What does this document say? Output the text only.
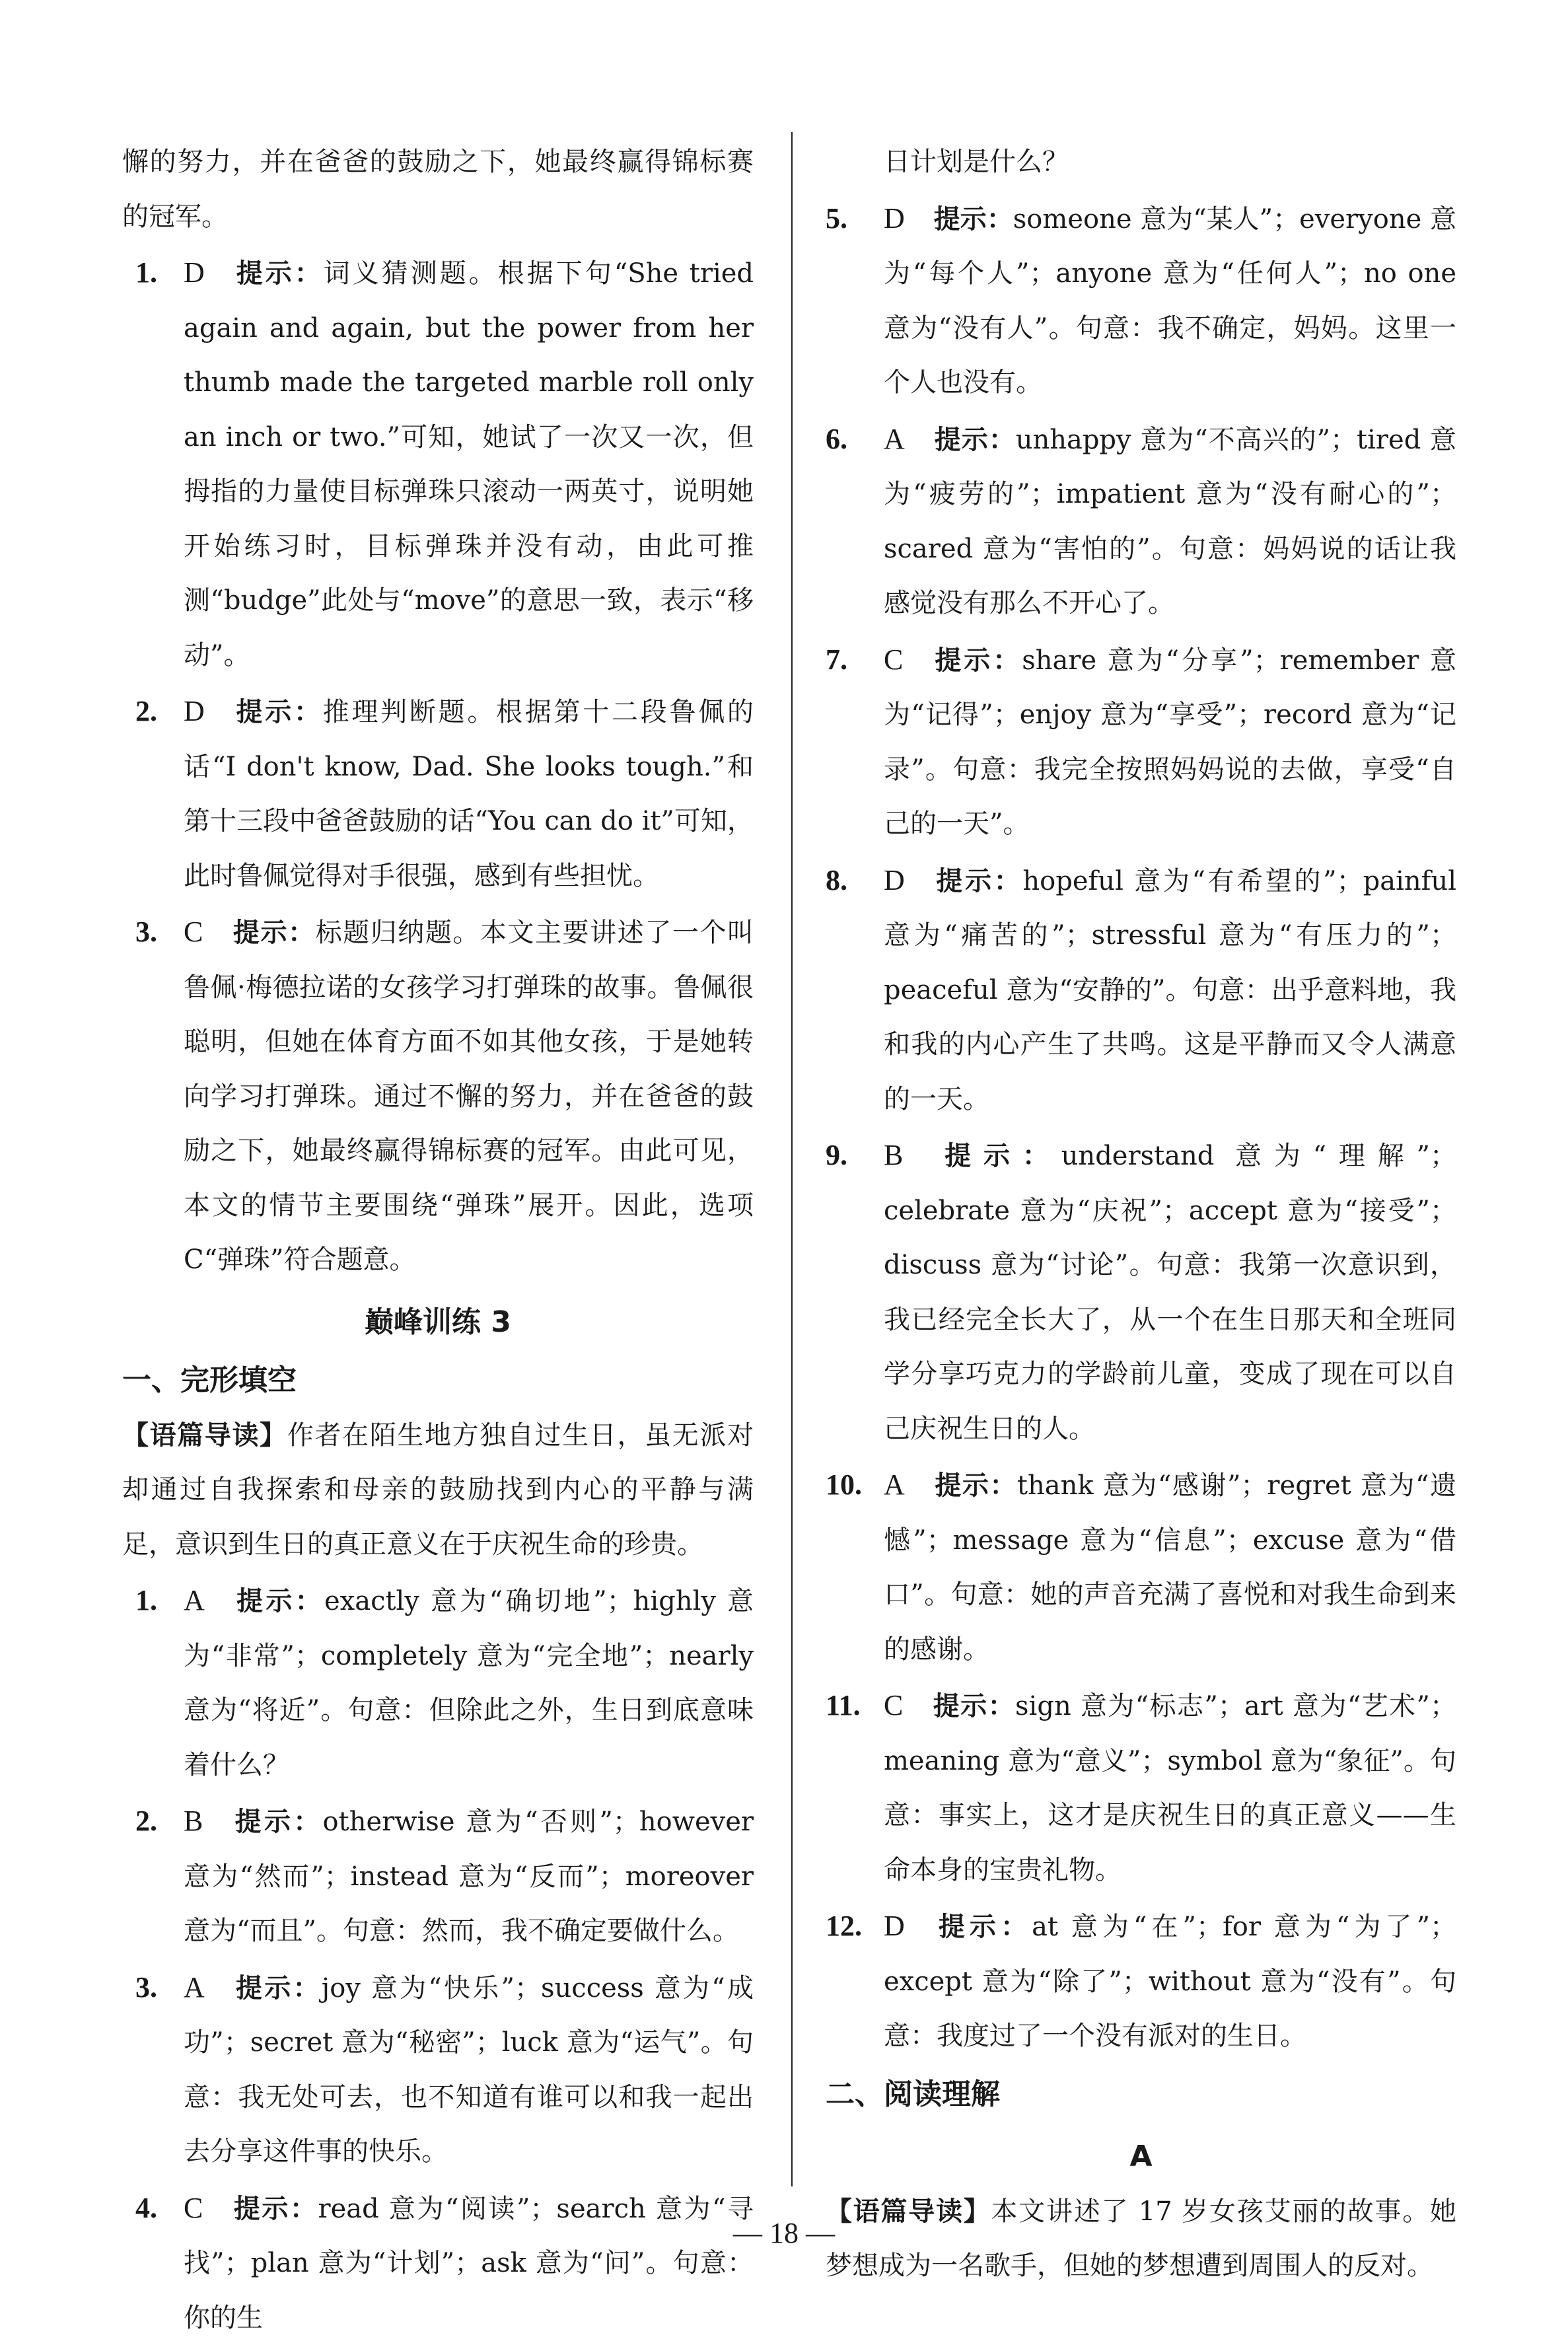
懈的努力，并在爸爸的鼓励之下，她最终赢得锦标赛的冠军。

1. D 提示：词义猜测题。根据下句“She tried again and again, but the power from her thumb made the targeted marble roll only an inch or two.”可知，她试了一次又一次，但拇指的力量使目标弹珠只滚动一两英寸，说明她开始练习时，目标弹珠并没有动，由此可推测“budge”此处与“move”的意思一致，表示“移动”。

2. D 提示：推理判断题。根据第十二段鲁佩的话“I don't know, Dad. She looks tough.”和第十三段中爸爸鼓励的话“You can do it”可知，此时鲁佩觉得对手很强，感到有些担忧。

3. C 提示：标题归纳题。本文主要讲述了一个叫鲁佩·梅德拉诺的女孩学习打弹珠的故事。鲁佩很聪明，但她在体育方面不如其他女孩，于是她转向学习打弹珠。通过不懈的努力，并在爸爸的鼓励之下，她最终赢得锦标赛的冠军。由此可见，本文的情节主要围绕“弹珠”展开。因此，选项C“弹珠”符合题意。

巅峰训练 3
一、完形填空

【语篇导读】作者在陌生地方独自过生日，虽无派对却通过自我探索和母亲的鼓励找到内心的平静与满足，意识到生日的真正意义在于庆祝生命的珍贵。

1. A 提示：exactly 意为“确切地”；highly 意为“非常”；completely 意为“完全地”；nearly 意为“将近”。句意：但除此之外，生日到底意味着什么？

2. B 提示：otherwise 意为“否则”；however 意为“然而”；instead 意为“反而”；moreover 意为“而且”。句意：然而，我不确定要做什么。

3. A 提示：joy 意为“快乐”；success 意为“成功”；secret 意为“秘密”；luck 意为“运气”。句意：我无处可去，也不知道有谁可以和我一起出去分享这件事的快乐。

4. C 提示：read 意为“阅读”；search 意为“寻找”；plan 意为“计划”；ask 意为“问”。句意：你的生

日计划是什么？

5. D 提示：someone 意为“某人”；everyone 意为“每个人”；anyone 意为“任何人”；no one 意为“没有人”。句意：我不确定，妈妈。这里一个人也没有。

6. A 提示：unhappy 意为“不高兴的”；tired 意为“疲劳的”；impatient 意为“没有耐心的”；scared 意为“害怕的”。句意：妈妈说的话让我感觉没有那么不开心了。

7. C 提示：share 意为“分享”；remember 意为“记得”；enjoy 意为“享受”；record 意为“记录”。句意：我完全按照妈妈说的去做，享受“自己的一天”。

8. D 提示：hopeful 意为“有希望的”；painful 意为“痛苦的”；stressful 意为“有压力的”；peaceful 意为“安静的”。句意：出乎意料地，我和我的内心产生了共鸣。这是平静而又令人满意的一天。

9. B 提示：understand 意为“理解”；celebrate 意为“庆祝”；accept 意为“接受”；discuss 意为“讨论”。句意：我第一次意识到，我已经完全长大了，从一个在生日那天和全班同学分享巧克力的学龄前儿童，变成了现在可以自己庆祝生日的人。

10. A 提示：thank 意为“感谢”；regret 意为“遗憾”；message 意为“信息”；excuse 意为“借口”。句意：她的声音充满了喜悦和对我生命到来的感谢。

11. C 提示：sign 意为“标志”；art 意为“艺术”；meaning 意为“意义”；symbol 意为“象征”。句意：事实上，这才是庆祝生日的真正意义——生命本身的宝贵礼物。

12. D 提示：at 意为“在”；for 意为“为了”；except 意为“除了”；without 意为“没有”。句意：我度过了一个没有派对的生日。

二、阅读理解
A

【语篇导读】本文讲述了 17 岁女孩艾丽的故事。她梦想成为一名歌手，但她的梦想遭到周围人的反对。

— 18 —
